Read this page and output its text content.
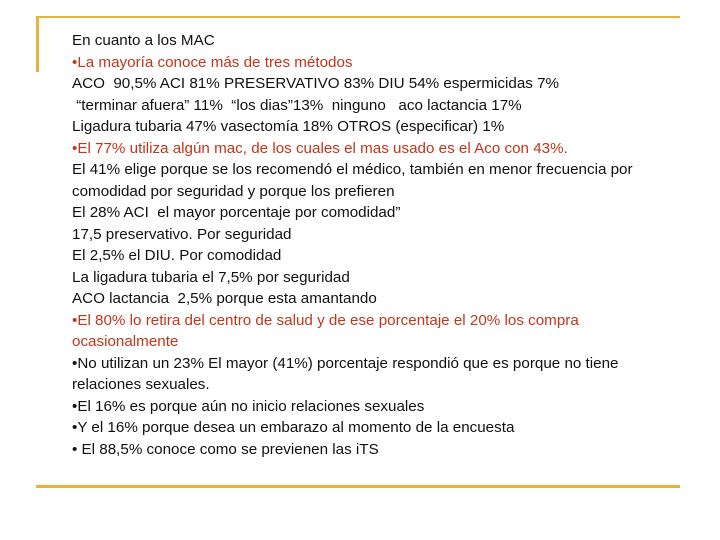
En cuanto a los MAC

•La mayoría conoce más de tres métodos

ACO  90,5% ACI 81% PRESERVATIVO 83% DIU 54% espermicidas 7%

“terminar afuera” 11%  “los dias”13%  ninguno   aco lactancia 17%

Ligadura tubaria 47% vasectomía 18% OTROS (especificar) 1%

•El 77% utiliza algún mac, de los cuales el mas usado es el Aco con 43%.

El 41% elige porque se los recomendó el médico, también en menor frecuencia por comodidad por seguridad y porque los prefieren

El 28% ACI  el mayor porcentaje por comodidad”

17,5 preservativo. Por seguridad

El 2,5% el DIU. Por comodidad

La ligadura tubaria el 7,5% por seguridad

ACO lactancia  2,5% porque esta amantando

•El 80% lo retira del centro de salud y de ese porcentaje el 20% los compra ocasionalmente

•No utilizan un 23% El mayor (41%) porcentaje respondió que es porque no tiene relaciones sexuales.

•El 16% es porque aún no inicio relaciones sexuales

•Y el 16% porque desea un embarazo al momento de la encuesta

• El 88,5% conoce como se previenen las iTS
